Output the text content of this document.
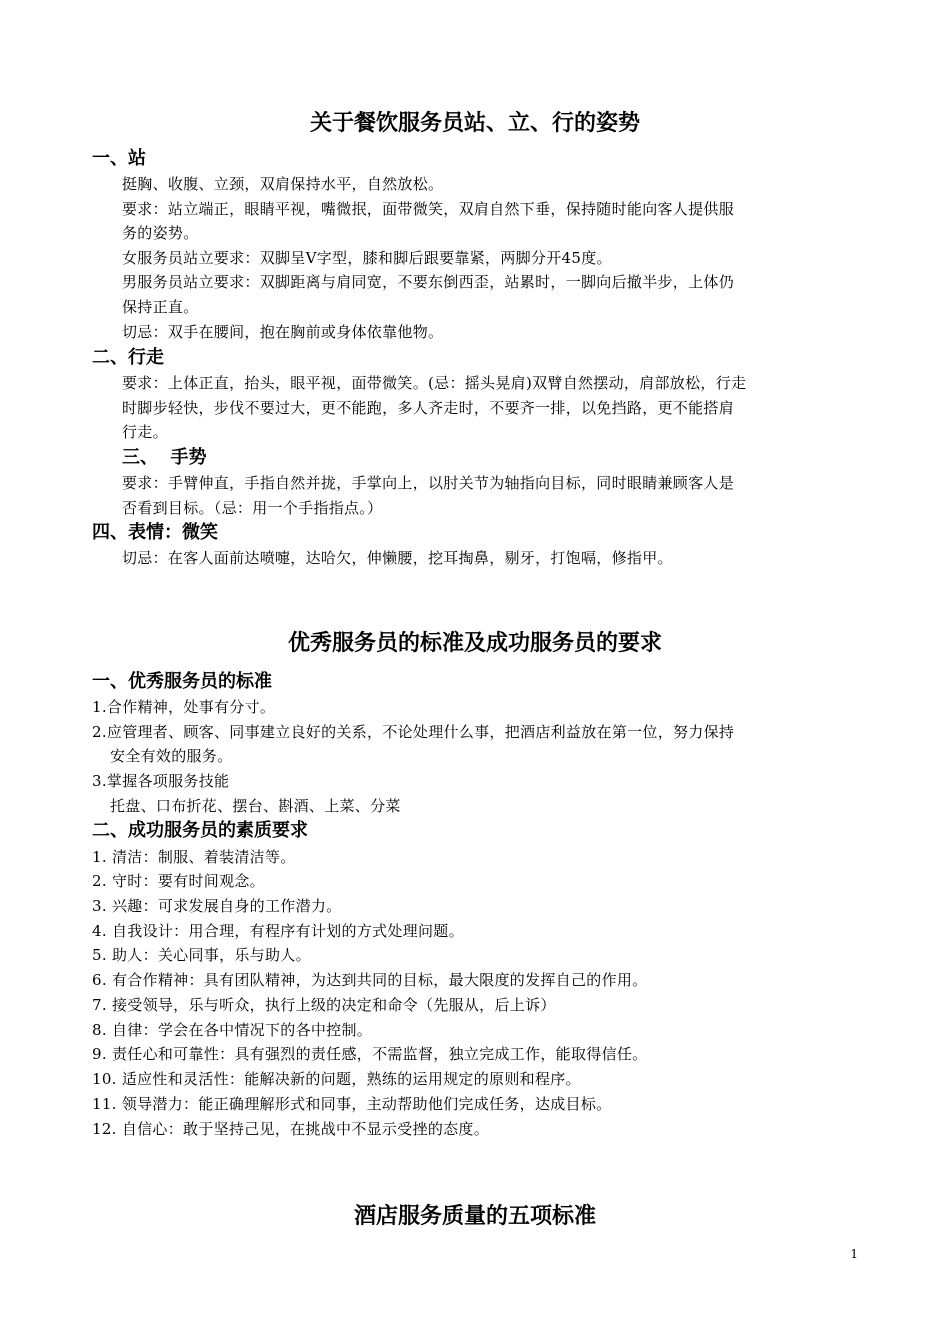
关于餐饮服务员站、立、行的姿势
一、站
挺胸、收腹、立颈，双肩保持水平，自然放松。
要求：站立端正，眼睛平视，嘴微抿，面带微笑，双肩自然下垂，保持随时能向客人提供服
务的姿势。
女服务员站立要求：双脚呈V字型，膝和脚后跟要靠紧，两脚分开45度。
男服务员站立要求：双脚距离与肩同宽，不要东倒西歪，站累时，一脚向后撤半步，上体仍
保持正直。
切忌：双手在腰间，抱在胸前或身体依靠他物。
二、行走
要求：上体正直，抬头，眼平视，面带微笑。(忌：摇头晃肩)双臂自然摆动，肩部放松，行走
时脚步轻快，步伐不要过大，更不能跑，多人齐走时，不要齐一排，以免挡路，更不能搭肩
行走。
三、  手势
要求：手臂伸直，手指自然并拢，手掌向上，以肘关节为轴指向目标，同时眼睛兼顾客人是
否看到目标。（忌：用一个手指指点。）
四、表情：微笑
切忌：在客人面前达喷嚏，达哈欠，伸懒腰，挖耳掏鼻，剔牙，打饱嗝，修指甲。
优秀服务员的标准及成功服务员的要求
一、优秀服务员的标准
1.合作精神，处事有分寸。
2.应管理者、顾客、同事建立良好的关系，不论处理什么事，把酒店利益放在第一位，努力保持
安全有效的服务。
3.掌握各项服务技能
托盘、口布折花、摆台、斟酒、上菜、分菜
二、成功服务员的素质要求
1. 清洁：制服、着装清洁等。
2. 守时：要有时间观念。
3. 兴趣：可求发展自身的工作潜力。
4. 自我设计：用合理，有程序有计划的方式处理问题。
5. 助人：关心同事，乐与助人。
6. 有合作精神：具有团队精神，为达到共同的目标，最大限度的发挥自己的作用。
7. 接受领导，乐与听众，执行上级的决定和命令（先服从，后上诉）
8. 自律：学会在各中情况下的各中控制。
9. 责任心和可靠性：具有强烈的责任感，不需监督，独立完成工作，能取得信任。
10. 适应性和灵活性：能解决新的问题，熟练的运用规定的原则和程序。
11. 领导潜力：能正确理解形式和同事，主动帮助他们完成任务，达成目标。
12. 自信心：敢于坚持己见，在挑战中不显示受挫的态度。
酒店服务质量的五项标准
1
